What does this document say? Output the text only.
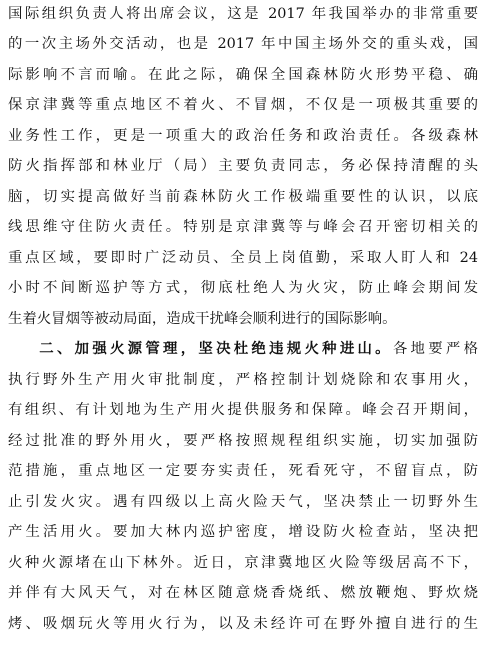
国际组织负责人将出席会议，这是 2017 年我国举办的非常重要
的一次主场外交活动，也是 2017 年中国主场外交的重头戏，国
际影响不言而喻。在此之际，确保全国森林防火形势平稳、确
保京津冀等重点地区不着火、不冒烟，不仅是一项极其重要的
业务性工作，更是一项重大的政治任务和政治责任。各级森林
防火指挥部和林业厅（局）主要负责同志，务必保持清醒的头
脑，切实提高做好当前森林防火工作极端重要性的认识，以底
线思维守住防火责任。特别是京津冀等与峰会召开密切相关的
重点区域，要即时广泛动员、全员上岗值勤，采取人盯人和 24
小时不间断巡护等方式，彻底杜绝人为火灾，防止峰会期间发
生着火冒烟等被动局面，造成干扰峰会顺利进行的国际影响。
二、加强火源管理，坚决杜绝违规火种进山。各地要严格
执行野外生产用火审批制度，严格控制计划烧除和农事用火，
有组织、有计划地为生产用火提供服务和保障。峰会召开期间，
经过批准的野外用火，要严格按照规程组织实施，切实加强防
范措施，重点地区一定要夯实责任，死看死守，不留盲点，防
止引发火灾。遇有四级以上高火险天气，坚决禁止一切野外生
产生活用火。要加大林内巡护密度，增设防火检查站，坚决把
火种火源堵在山下林外。近日，京津冀地区火险等级居高不下，
并伴有大风天气，对在林区随意烧香烧纸、燃放鞭炮、野炊烧
烤、吸烟玩火等用火行为，以及未经许可在野外擅自进行的生
